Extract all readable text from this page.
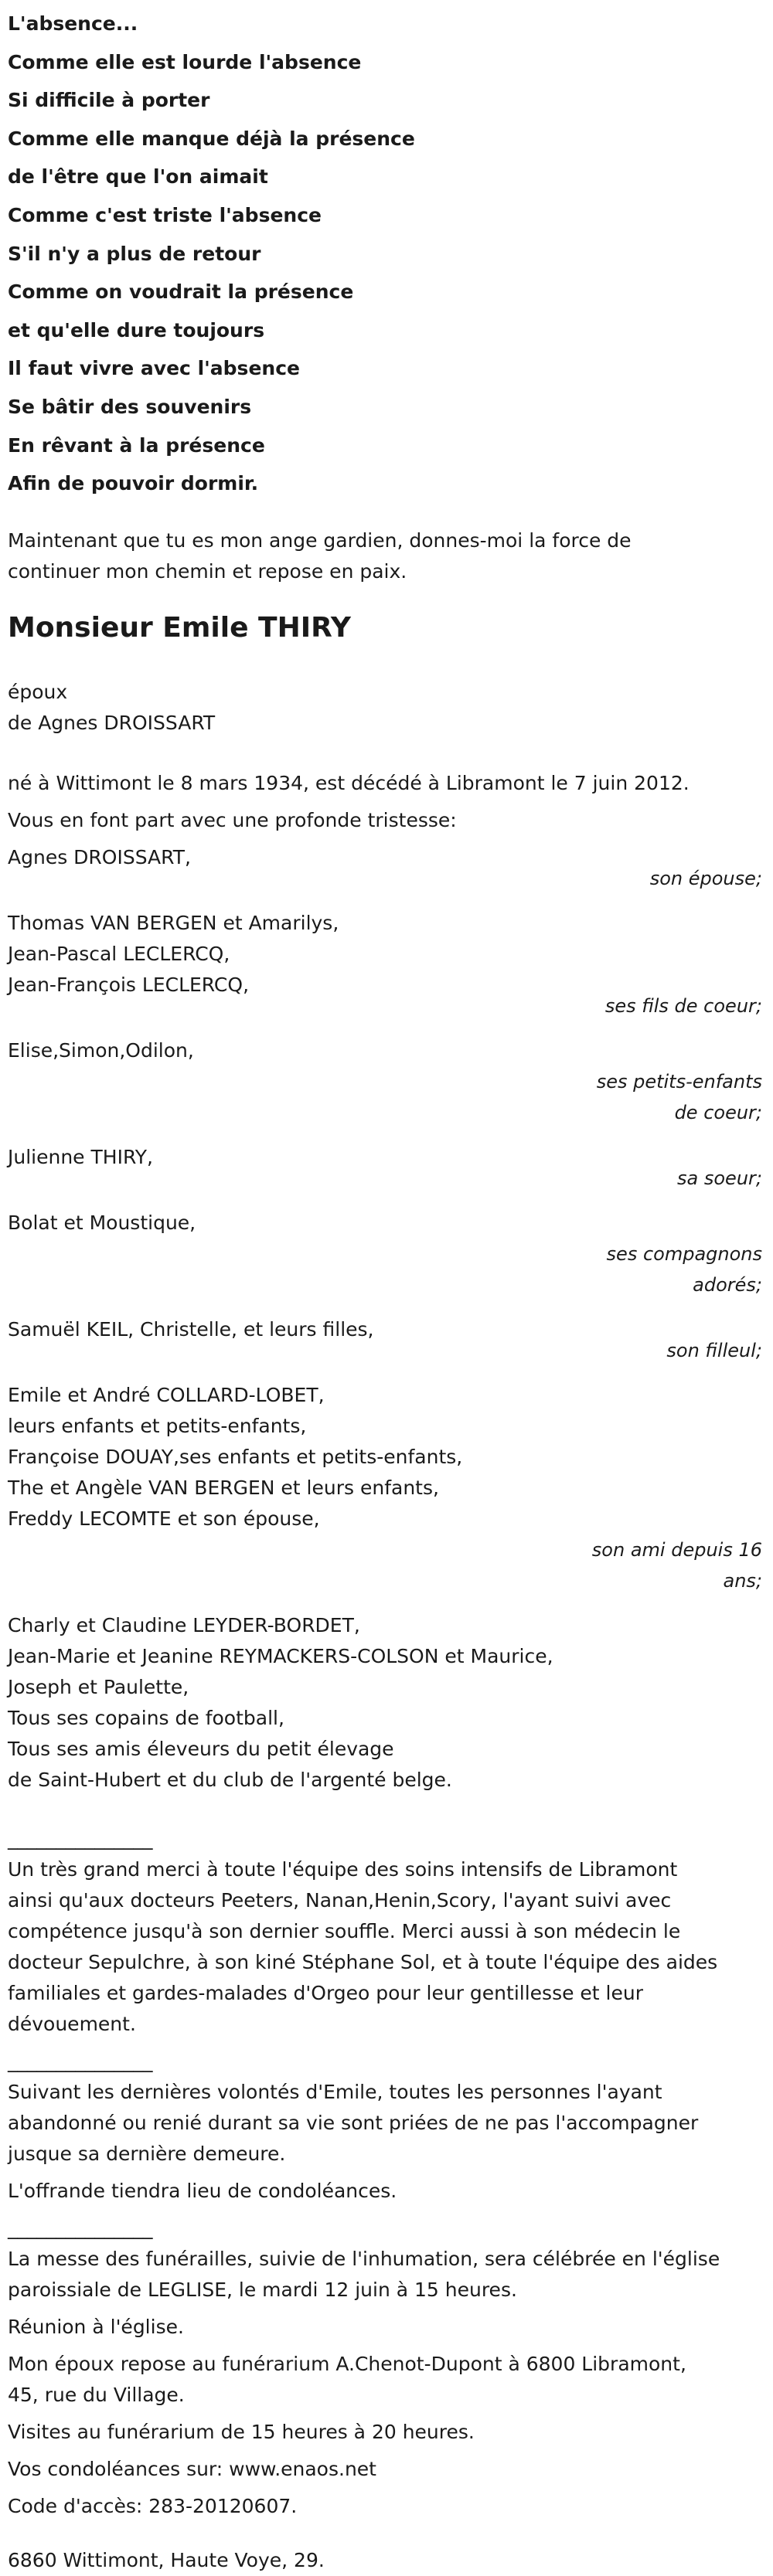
L'absence...
Comme elle est lourde l'absence
Si difficile à porter
Comme elle manque déjà la présence
de l'être que l'on aimait
Comme c'est triste l'absence
S'il n'y a plus de retour
Comme on voudrait la présence
et qu'elle dure toujours
Il faut vivre avec l'absence
Se bâtir des souvenirs
En rêvant à la présence
Afin de pouvoir dormir.
Maintenant que tu es mon ange gardien, donnes-moi la force de
continuer mon chemin et repose en paix.
Monsieur Emile THIRY
époux
de Agnes DROISSART
né à Wittimont le 8 mars 1934, est décédé à Libramont le 7 juin 2012.
Vous en font part avec une profonde tristesse:
Agnes DROISSART,
son épouse;
Thomas VAN BERGEN et Amarilys,
Jean-Pascal LECLERCQ,
Jean-François LECLERCQ,
ses fils de coeur;
Elise,Simon,Odilon,
ses petits-enfants
de coeur;
Julienne THIRY,
sa soeur;
Bolat et Moustique,
ses compagnons
adorés;
Samuël KEIL, Christelle, et leurs filles,
son filleul;
Emile et André COLLARD-LOBET,
leurs enfants et petits-enfants,
Françoise DOUAY,ses enfants et petits-enfants,
The et Angèle VAN BERGEN et leurs enfants,
Freddy LECOMTE et son épouse,
son ami depuis 16
ans;
Charly et Claudine LEYDER-BORDET,
Jean-Marie et Jeanine REYMACKERS-COLSON et Maurice,
Joseph et Paulette,
Tous ses copains de football,
Tous ses amis éleveurs du petit élevage
de Saint-Hubert et du club de l'argenté belge.
_______________
Un très grand merci à toute l'équipe des soins intensifs de Libramont
ainsi qu'aux docteurs Peeters, Nanan,Henin,Scory, l'ayant suivi avec
compétence jusqu'à son dernier souffle. Merci aussi à son médecin le
docteur Sepulchre, à son kiné Stéphane Sol, et à toute l'équipe des aides
familiales et gardes-malades d'Orgeo pour leur gentillesse et leur
dévouement.
_______________
Suivant les dernières volontés d'Emile, toutes les personnes l'ayant
abandonné ou renié durant sa vie sont priées de ne pas l'accompagner
jusque sa dernière demeure.
L'offrande tiendra lieu de condoléances.
_______________
La messe des funérailles, suivie de l'inhumation, sera célébrée en l'église
paroissiale de LEGLISE, le mardi 12 juin à 15 heures.
Réunion à l'église.
Mon époux repose au funérarium A.Chenot-Dupont à 6800 Libramont,
45, rue du Village.
Visites au funérarium de 15 heures à 20 heures.
Vos condoléances sur: www.enaos.net
Code d'accès: 283-20120607.
6860 Wittimont, Haute Voye, 29.
